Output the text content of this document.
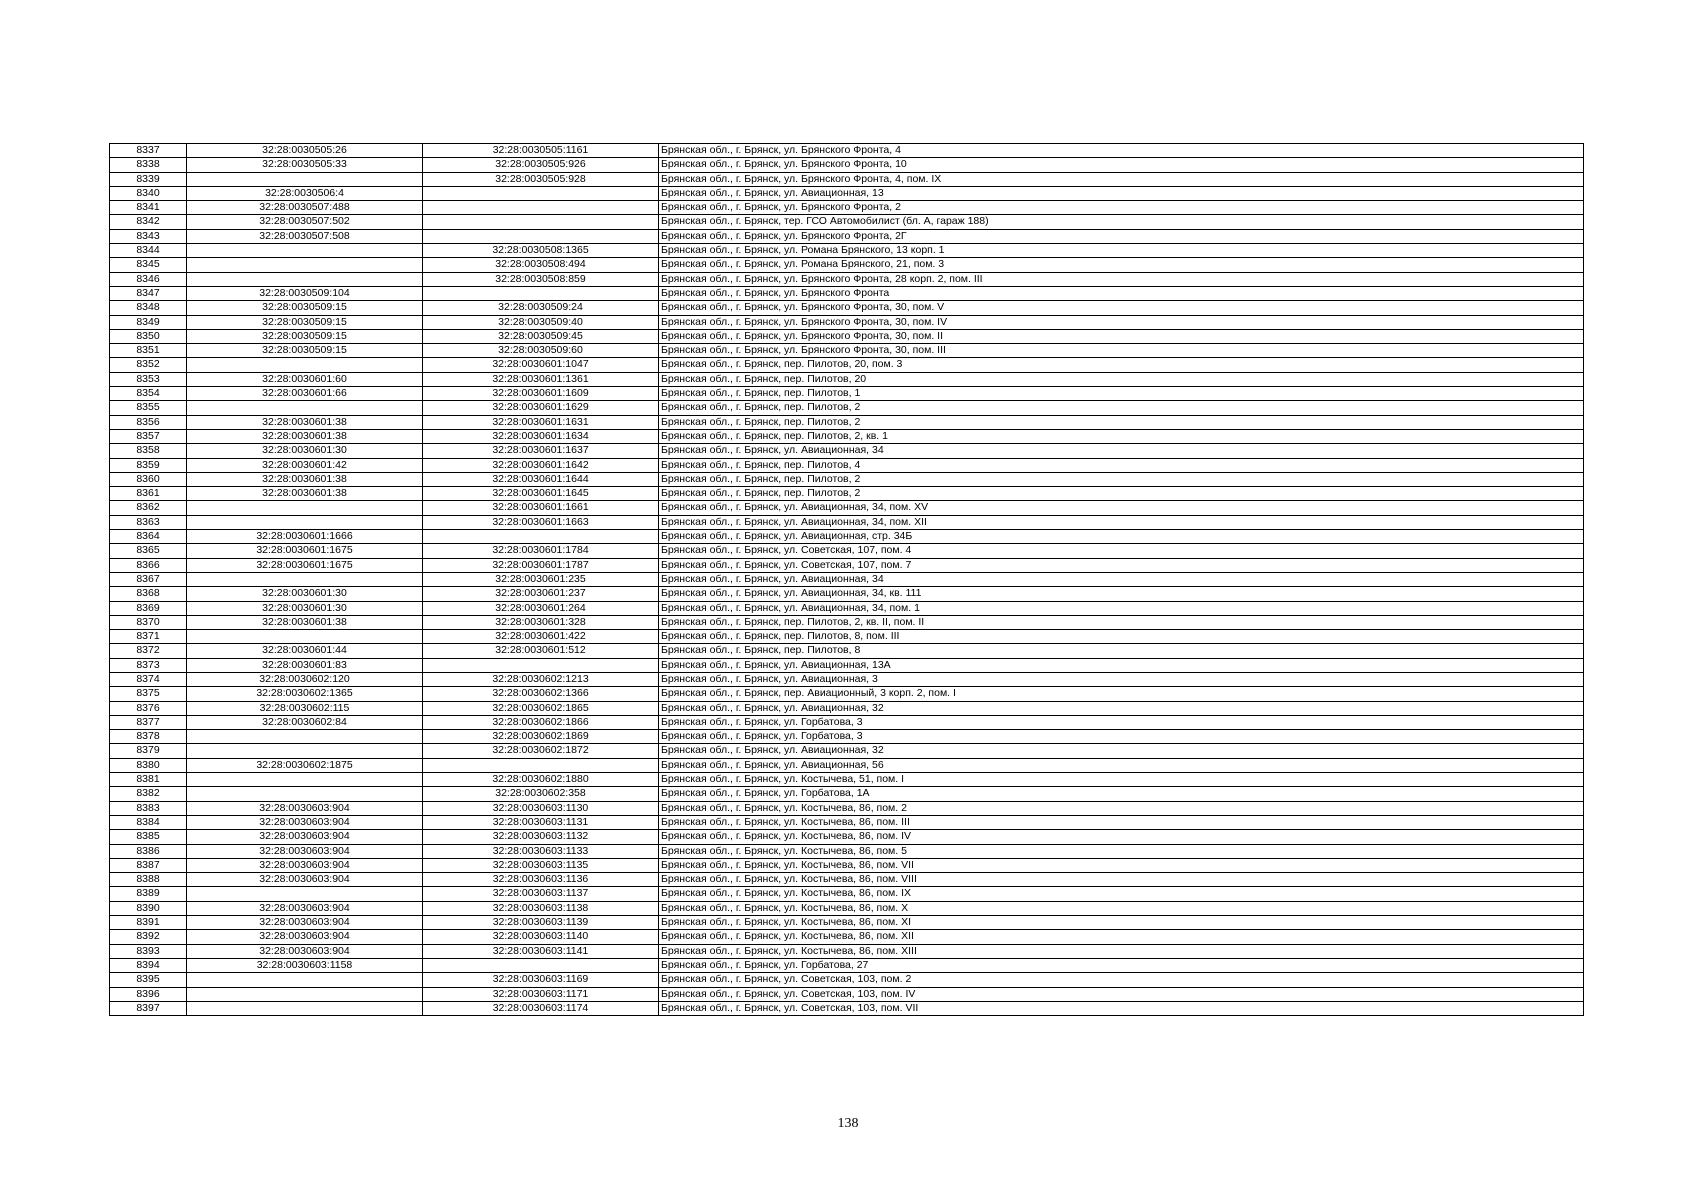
8337	32:28:0030505:26	32:28:0030505:1161	Брянская обл., г. Брянск, ул. Брянского Фронта, 4
8338	32:28:0030505:33	32:28:0030505:926	Брянская обл., г. Брянск, ул. Брянского Фронта, 10
8339		32:28:0030505:928	Брянская обл., г. Брянск, ул. Брянского Фронта, 4, пом. IX
8340	32:28:0030506:4		Брянская обл., г. Брянск, ул. Авиационная, 13
8341	32:28:0030507:488		Брянская обл., г. Брянск, ул. Брянского Фронта, 2
8342	32:28:0030507:502		Брянская обл., г. Брянск, тер. ГСО Автомобилист (бл. А, гараж 188)
8343	32:28:0030507:508		Брянская обл., г. Брянск, ул. Брянского Фронта, 2Г
8344		32:28:0030508:1365	Брянская обл., г. Брянск, ул. Романа Брянского, 13 корп. 1
8345		32:28:0030508:494	Брянская обл., г. Брянск, ул. Романа Брянского, 21, пом. 3
8346		32:28:0030508:859	Брянская обл., г. Брянск, ул. Брянского Фронта, 28 корп. 2, пом. III
8347	32:28:0030509:104		Брянская обл., г. Брянск, ул. Брянского Фронта
8348	32:28:0030509:15	32:28:0030509:24	Брянская обл., г. Брянск, ул. Брянского Фронта, 30, пом. V
8349	32:28:0030509:15	32:28:0030509:40	Брянская обл., г. Брянск, ул. Брянского Фронта, 30, пом. IV
8350	32:28:0030509:15	32:28:0030509:45	Брянская обл., г. Брянск, ул. Брянского Фронта, 30, пом. II
8351	32:28:0030509:15	32:28:0030509:60	Брянская обл., г. Брянск, ул. Брянского Фронта, 30, пом. III
8352		32:28:0030601:1047	Брянская обл., г. Брянск, пер. Пилотов, 20, пом. 3
8353	32:28:0030601:60	32:28:0030601:1361	Брянская обл., г. Брянск, пер. Пилотов, 20
8354	32:28:0030601:66	32:28:0030601:1609	Брянская обл., г. Брянск, пер. Пилотов, 1
8355		32:28:0030601:1629	Брянская обл., г. Брянск, пер. Пилотов, 2
8356	32:28:0030601:38	32:28:0030601:1631	Брянская обл., г. Брянск, пер. Пилотов, 2
8357	32:28:0030601:38	32:28:0030601:1634	Брянская обл., г. Брянск, пер. Пилотов, 2, кв. 1
8358	32:28:0030601:30	32:28:0030601:1637	Брянская обл., г. Брянск, ул. Авиационная, 34
8359	32:28:0030601:42	32:28:0030601:1642	Брянская обл., г. Брянск, пер. Пилотов, 4
8360	32:28:0030601:38	32:28:0030601:1644	Брянская обл., г. Брянск, пер. Пилотов, 2
8361	32:28:0030601:38	32:28:0030601:1645	Брянская обл., г. Брянск, пер. Пилотов, 2
8362		32:28:0030601:1661	Брянская обл., г. Брянск, ул. Авиационная, 34, пом. XV
8363		32:28:0030601:1663	Брянская обл., г. Брянск, ул. Авиационная, 34, пом. XII
8364	32:28:0030601:1666		Брянская обл., г. Брянск, ул. Авиационная, стр. 34Б
8365	32:28:0030601:1675	32:28:0030601:1784	Брянская обл., г. Брянск, ул. Советская, 107, пом. 4
8366	32:28:0030601:1675	32:28:0030601:1787	Брянская обл., г. Брянск, ул. Советская, 107, пом. 7
8367		32:28:0030601:235	Брянская обл., г. Брянск, ул. Авиационная, 34
8368	32:28:0030601:30	32:28:0030601:237	Брянская обл., г. Брянск, ул. Авиационная, 34, кв. 111
8369	32:28:0030601:30	32:28:0030601:264	Брянская обл., г. Брянск, ул. Авиационная, 34, пом. 1
8370	32:28:0030601:38	32:28:0030601:328	Брянская обл., г. Брянск, пер. Пилотов, 2, кв. II, пом. II
8371		32:28:0030601:422	Брянская обл., г. Брянск, пер. Пилотов, 8, пом. III
8372	32:28:0030601:44	32:28:0030601:512	Брянская обл., г. Брянск, пер. Пилотов, 8
8373	32:28:0030601:83		Брянская обл., г. Брянск, ул. Авиационная, 13А
8374	32:28:0030602:120	32:28:0030602:1213	Брянская обл., г. Брянск, ул. Авиационная, 3
8375	32:28:0030602:1365	32:28:0030602:1366	Брянская обл., г. Брянск, пер. Авиационный, 3 корп. 2, пом. I
8376	32:28:0030602:115	32:28:0030602:1865	Брянская обл., г. Брянск, ул. Авиационная, 32
8377	32:28:0030602:84	32:28:0030602:1866	Брянская обл., г. Брянск, ул. Горбатова, 3
8378		32:28:0030602:1869	Брянская обл., г. Брянск, ул. Горбатова, 3
8379		32:28:0030602:1872	Брянская обл., г. Брянск, ул. Авиационная, 32
8380	32:28:0030602:1875		Брянская обл., г. Брянск, ул. Авиационная, 56
8381		32:28:0030602:1880	Брянская обл., г. Брянск, ул. Костычева, 51, пом. I
8382		32:28:0030602:358	Брянская обл., г. Брянск, ул. Горбатова, 1А
8383	32:28:0030603:904	32:28:0030603:1130	Брянская обл., г. Брянск, ул. Костычева, 86, пом. 2
8384	32:28:0030603:904	32:28:0030603:1131	Брянская обл., г. Брянск, ул. Костычева, 86, пом. III
8385	32:28:0030603:904	32:28:0030603:1132	Брянская обл., г. Брянск, ул. Костычева, 86, пом. IV
8386	32:28:0030603:904	32:28:0030603:1133	Брянская обл., г. Брянск, ул. Костычева, 86, пом. 5
8387	32:28:0030603:904	32:28:0030603:1135	Брянская обл., г. Брянск, ул. Костычева, 86, пом. VII
8388	32:28:0030603:904	32:28:0030603:1136	Брянская обл., г. Брянск, ул. Костычева, 86, пом. VIII
8389		32:28:0030603:1137	Брянская обл., г. Брянск, ул. Костычева, 86, пом. IX
8390	32:28:0030603:904	32:28:0030603:1138	Брянская обл., г. Брянск, ул. Костычева, 86, пом. X
8391	32:28:0030603:904	32:28:0030603:1139	Брянская обл., г. Брянск, ул. Костычева, 86, пом. XI
8392	32:28:0030603:904	32:28:0030603:1140	Брянская обл., г. Брянск, ул. Костычева, 86, пом. XII
8393	32:28:0030603:904	32:28:0030603:1141	Брянская обл., г. Брянск, ул. Костычева, 86, пом. XIII
8394	32:28:0030603:1158		Брянская обл., г. Брянск, ул. Горбатова, 27
8395		32:28:0030603:1169	Брянская обл., г. Брянск, ул. Советская, 103, пом. 2
8396		32:28:0030603:1171	Брянская обл., г. Брянск, ул. Советская, 103, пом. IV
8397		32:28:0030603:1174	Брянская обл., г. Брянск, ул. Советская, 103, пом. VII
138
